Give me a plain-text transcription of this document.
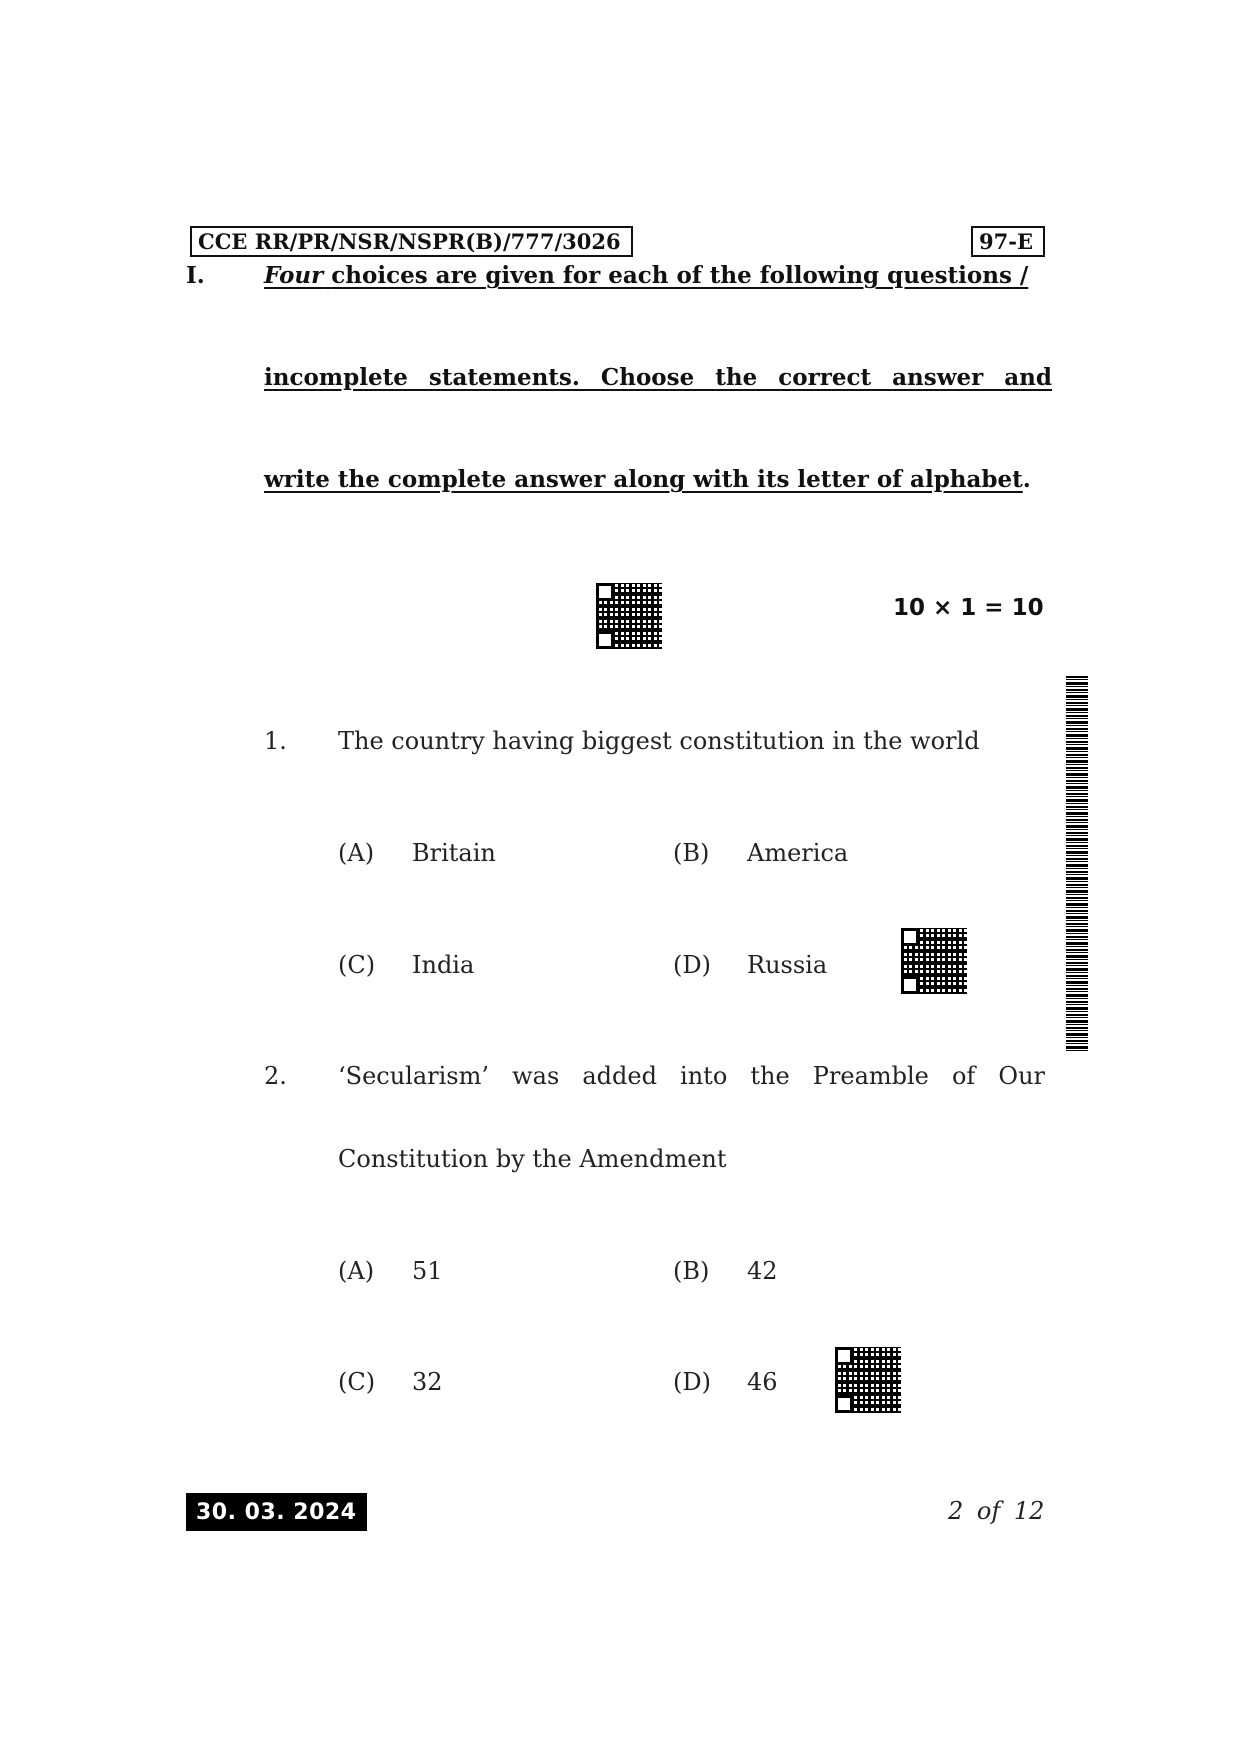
CCE RR/PR/NSR/NSPR(B)/777/3026	97-E
I.	Four choices are given for each of the following questions /
incomplete statements. Choose the correct answer and
write the complete answer along with its letter of alphabet.
10 × 1 = 10
1. The country having biggest constitution in the world
(A) Britain	(B) America
(C) India	(D) Russia
2. ‘Secularism’ was added into the Preamble of Our
Constitution by the Amendment
(A) 51	(B) 42
(C) 32	(D) 46
30. 03. 2024	2 of 12
